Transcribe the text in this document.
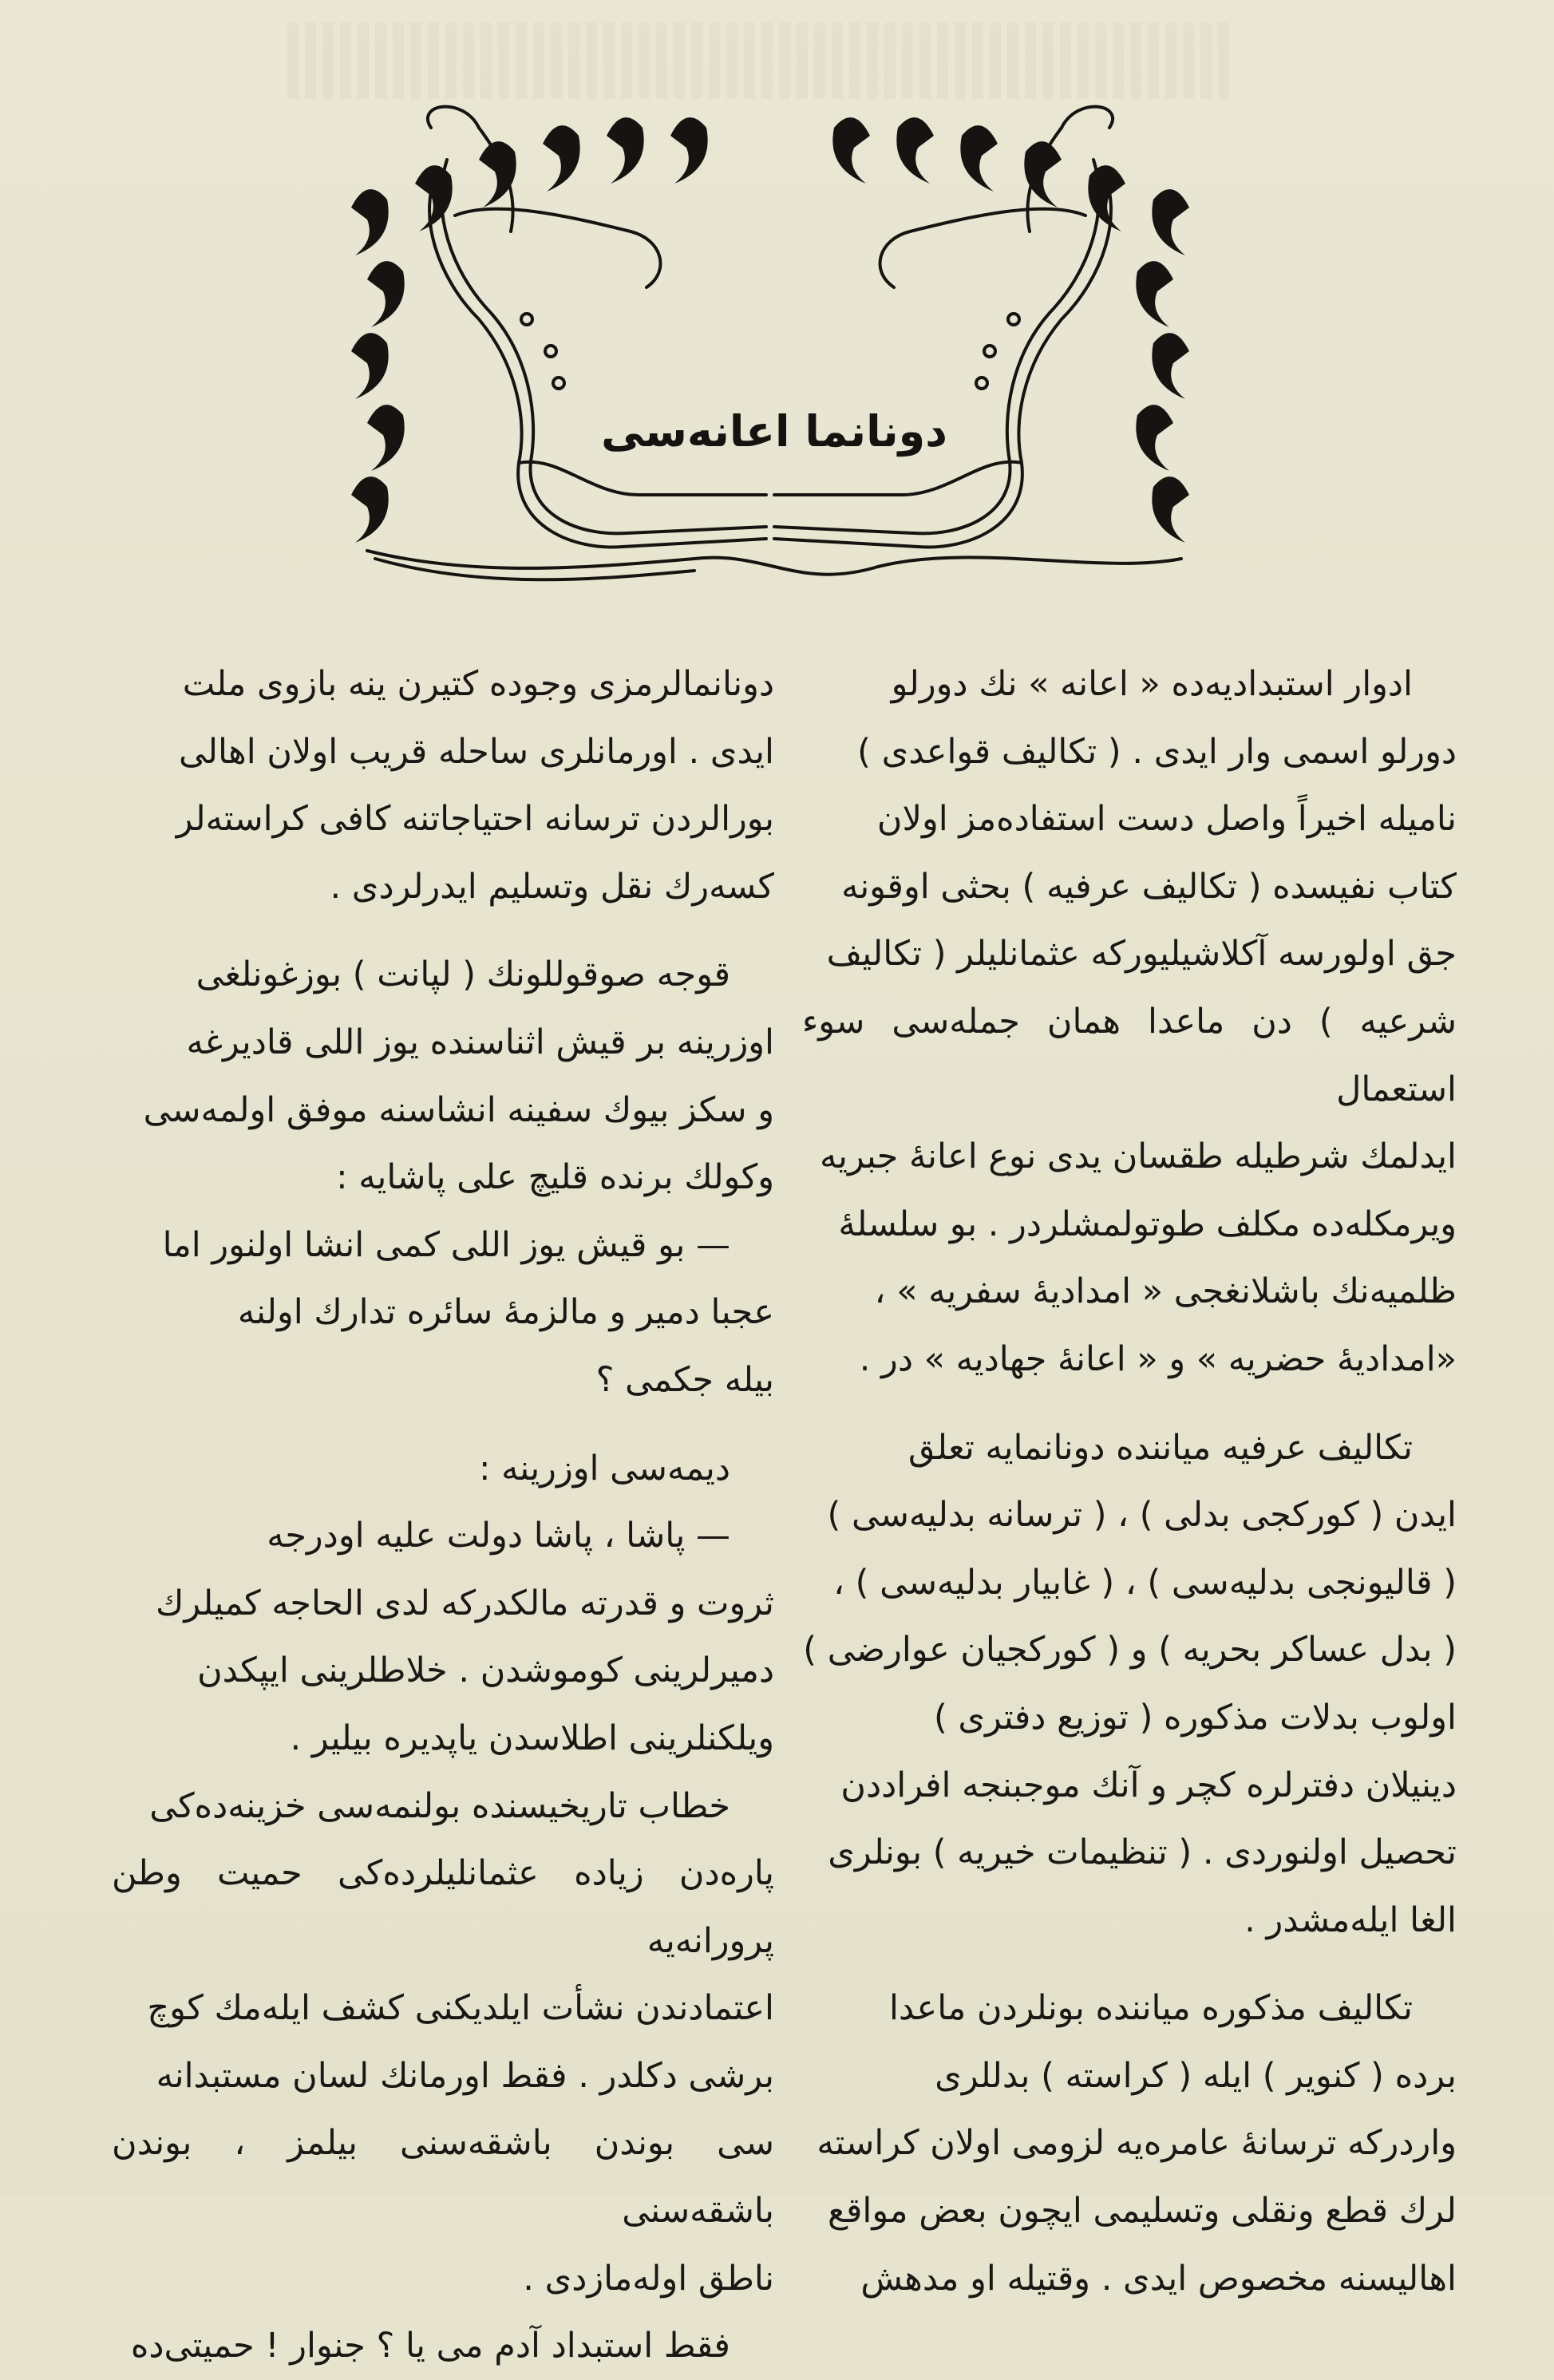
دونانما اعانه‌سی

ادوار استبدادیه‌ده « اعانه » نك دورلو

دورلو اسمی وار ایدی . ( تکالیف قواعدی )

نامیله اخیراً واصل دست استفاده‌مز اولان

کتاب نفیسده ( تکالیف عرفیه ) بحثی اوقونه

جق اولورسه آکلاشیلیورکه عثمانلیلر ( تکالیف

شرعیه ) دن ماعدا همان جمله‌سی سوء استعمال

ایدلمك شرطیله طقسان یدی نوع اعانهٔ جبریه

ویرمکله‌ده مکلف طوتولمشلردر . بو سلسلهٔ

ظلمیه‌نك باشلانغجی « امدادیهٔ سفریه » ،

«امدادیهٔ حضریه » و « اعانهٔ جهادیه » در .

تکالیف عرفیه میاننده دونانمایه تعلق

ایدن ( کورکجی بدلی ) ، ( ترسانه بدلیه‌سی )

( قالیونجی بدلیه‌سی ) ، ( غابیار بدلیه‌سی ) ،

( بدل عساکر بحریه ) و ( کورکجیان عوارضی )

اولوب بدلات مذکوره ( توزیع دفتری )

دینیلان دفترلره کچر و آنك موجبنجه افراددن

تحصیل اولنوردی . ( تنظیمات خیریه ) بونلری

الغا ایلەمشدر .

تکالیف مذکوره میاننده بونلردن ماعدا

برده ( کنویر ) ایله ( کراسته ) بدللری

واردرکه ترسانهٔ عامره‌یه لزومی اولان کراسته‌

لرك قطع ونقلی وتسلیمی ایچون بعض مواقع

اهالیسنه مخصوص ایدی . وقتیله او مدهش

دونانمالرمزی وجوده کتیرن ینه بازوی ملت

ایدی . اورمانلری ساحله قریب اولان اهالی

بورالردن ترسانه احتیاجاتنه کافی کراسته‌لر

کسه‌رك نقل وتسلیم ایدرلردی .

قوجه صوقوللونك ( لپانت ) بوزغونلغی

اوزرینه بر قیش اثناسنده یوز اللی قادیرغه

و سکز بیوك سفینه انشاسنه موفق اولمه‌سی

وکولك برنده قلیچ علی پاشایه :

— بو قیش یوز اللی کمی انشا اولنور اما

عجبا دمیر و مالزمهٔ سائره تدارك اولنه

بیله جکمی ؟

دیمه‌سی اوزرینه :

— پاشا ، پاشا دولت علیه اودرجه

ثروت و قدرته مالکدرکه لدی الحاجه کمیلرك

دمیرلرینی کوموشدن . خلاطلرینی ایپکدن

ویلکنلرینی اطلاسدن یاپدیره بیلیر .

خطاب تاریخیسنده بولنمه‌سی خزینه‌ده‌کی

پاره‌دن زیاده عثمانلیلرده‌کی حمیت وطن پرورانه‌یه

اعتمادندن نشأت ایلدیکنی کشف ایله‌مك کوچ

برشی دکلدر . فقط اورمانك لسان مستبدانه‌

سی بوندن باشقه‌سنی بیلمز ، بوندن باشقه‌سنی

ناطق اوله‌مازدی .

فقط استبداد آدم می یا ؟ جنوار ! حمیتی‌ده
